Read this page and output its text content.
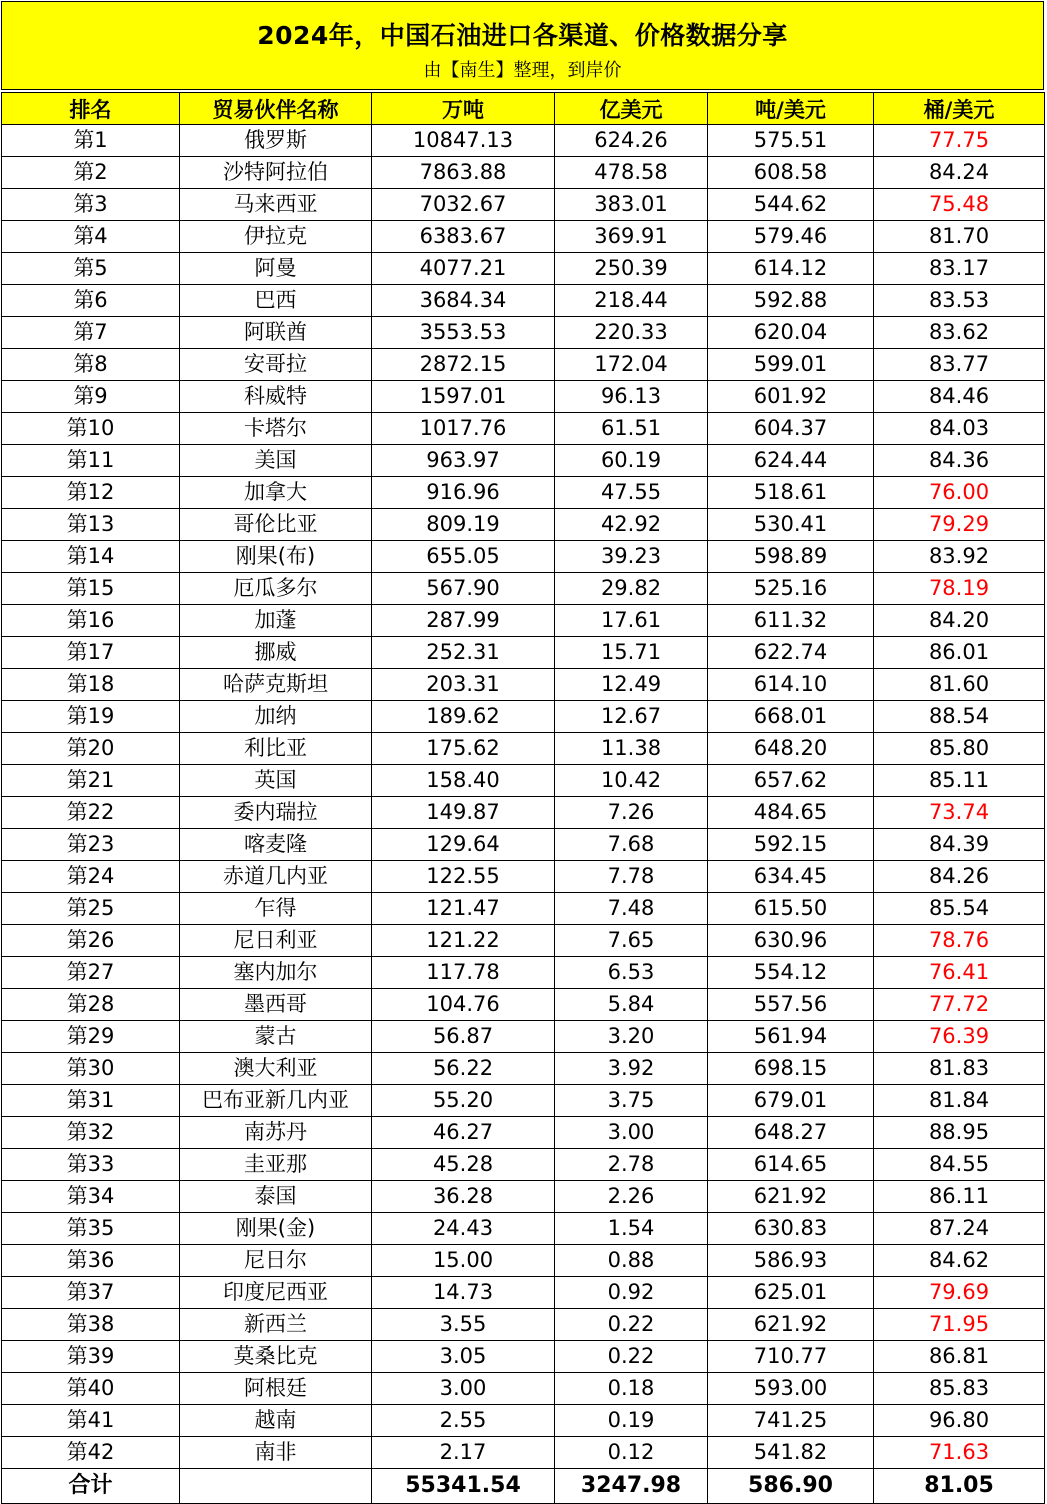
2024年，中国石油进口各渠道、价格数据分享
由【南生】整理，到岸价
排名	贸易伙伴名称	万吨	亿美元	吨/美元	桶/美元
第1	俄罗斯	10847.13	624.26	575.51	77.75
第2	沙特阿拉伯	7863.88	478.58	608.58	84.24
第3	马来西亚	7032.67	383.01	544.62	75.48
第4	伊拉克	6383.67	369.91	579.46	81.70
第5	阿曼	4077.21	250.39	614.12	83.17
第6	巴西	3684.34	218.44	592.88	83.53
第7	阿联酋	3553.53	220.33	620.04	83.62
第8	安哥拉	2872.15	172.04	599.01	83.77
第9	科威特	1597.01	96.13	601.92	84.46
第10	卡塔尔	1017.76	61.51	604.37	84.03
第11	美国	963.97	60.19	624.44	84.36
第12	加拿大	916.96	47.55	518.61	76.00
第13	哥伦比亚	809.19	42.92	530.41	79.29
第14	刚果(布)	655.05	39.23	598.89	83.92
第15	厄瓜多尔	567.90	29.82	525.16	78.19
第16	加蓬	287.99	17.61	611.32	84.20
第17	挪威	252.31	15.71	622.74	86.01
第18	哈萨克斯坦	203.31	12.49	614.10	81.60
第19	加纳	189.62	12.67	668.01	88.54
第20	利比亚	175.62	11.38	648.20	85.80
第21	英国	158.40	10.42	657.62	85.11
第22	委内瑞拉	149.87	7.26	484.65	73.74
第23	喀麦隆	129.64	7.68	592.15	84.39
第24	赤道几内亚	122.55	7.78	634.45	84.26
第25	乍得	121.47	7.48	615.50	85.54
第26	尼日利亚	121.22	7.65	630.96	78.76
第27	塞内加尔	117.78	6.53	554.12	76.41
第28	墨西哥	104.76	5.84	557.56	77.72
第29	蒙古	56.87	3.20	561.94	76.39
第30	澳大利亚	56.22	3.92	698.15	81.83
第31	巴布亚新几内亚	55.20	3.75	679.01	81.84
第32	南苏丹	46.27	3.00	648.27	88.95
第33	圭亚那	45.28	2.78	614.65	84.55
第34	泰国	36.28	2.26	621.92	86.11
第35	刚果(金)	24.43	1.54	630.83	87.24
第36	尼日尔	15.00	0.88	586.93	84.62
第37	印度尼西亚	14.73	0.92	625.01	79.69
第38	新西兰	3.55	0.22	621.92	71.95
第39	莫桑比克	3.05	0.22	710.77	86.81
第40	阿根廷	3.00	0.18	593.00	85.83
第41	越南	2.55	0.19	741.25	96.80
第42	南非	2.17	0.12	541.82	71.63
合计		55341.54	3247.98	586.90	81.05
